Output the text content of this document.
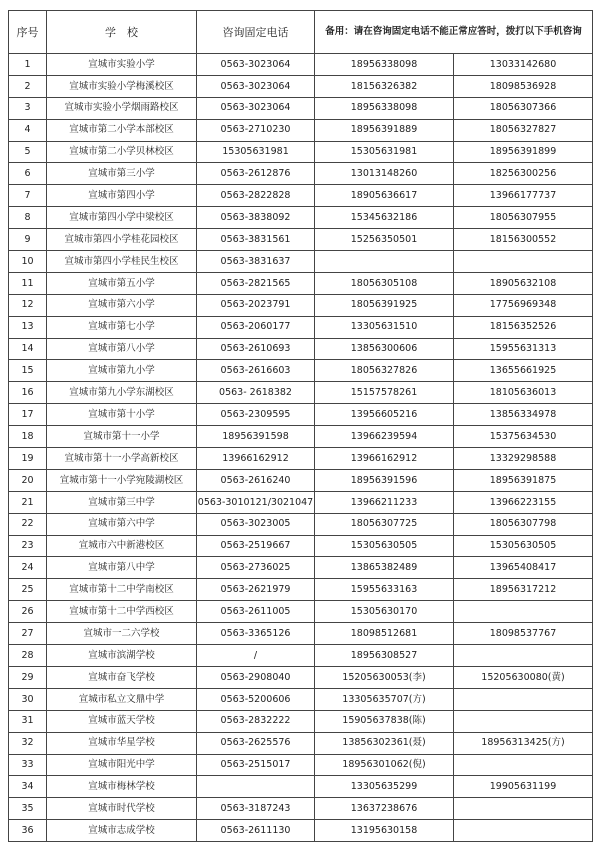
序号	学　校	咨询固定电话	备用：请在咨询固定电话不能正常应答时，拨打以下手机咨询	
1	宣城市实验小学	0563-3023064	18956338098	13033142680
2	宣城市实验小学梅溪校区	0563-3023064	18156326382	18098536928
3	宣城市实验小学烟雨路校区	0563-3023064	18956338098	18056307366
4	宣城市第二小学本部校区	0563-2710230	18956391889	18056327827
5	宣城市第二小学贝林校区	15305631981	15305631981	18956391899
6	宣城市第三小学	0563-2612876	13013148260	18256300256
7	宣城市第四小学	0563-2822828	18905636617	13966177737
8	宣城市第四小学中梁校区	0563-3838092	15345632186	18056307955
9	宣城市第四小学桂花园校区	0563-3831561	15256350501	18156300552
10	宣城市第四小学桂民生校区	0563-3831637		
11	宣城市第五小学	0563-2821565	18056305108	18905632108
12	宣城市第六小学	0563-2023791	18056391925	17756969348
13	宣城市第七小学	0563-2060177	13305631510	18156352526
14	宣城市第八小学	0563-2610693	13856300606	15955631313
15	宣城市第九小学	0563-2616603	18056327826	13655661925
16	宣城市第九小学东湖校区	0563- 2618382	15157578261	18105636013
17	宣城市第十小学	0563-2309595	13956605216	13856334978
18	宣城市第十一小学	18956391598	13966239594	15375634530
19	宣城市第十一小学高新校区	13966162912	13966162912	13329298588
20	宣城市第十一小学宛陵湖校区	0563-2616240	18956391596	18956391875
21	宣城市第三中学	0563-3010121/3021047	13966211233	13966223155
22	宣城市第六中学	0563-3023005	18056307725	18056307798
23	宣城市六中新港校区	0563-2519667	15305630505	15305630505
24	宣城市第八中学	0563-2736025	13865382489	13965408417
25	宣城市第十二中学南校区	0563-2621979	15955633163	18956317212
26	宣城市第十二中学西校区	0563-2611005	15305630170	
27	宣城市一二六学校	0563-3365126	18098512681	18098537767
28	宣城市滨湖学校	/	18956308527	
29	宣城市奋飞学校	0563-2908040	15205630053(李)	15205630080(黄)
30	宣城市私立文鼎中学	0563-5200606	13305635707(方)	
31	宣城市蓝天学校	0563-2832222	15905637838(陈)	
32	宣城市华星学校	0563-2625576	13856302361(聂)	18956313425(方)
33	宣城市阳光中学	0563-2515017	18956301062(倪)	
34	宣城市梅林学校		13305635299	19905631199
35	宣城市时代学校	0563-3187243	13637238676	
36	宣城市志成学校	0563-2611130	13195630158	
